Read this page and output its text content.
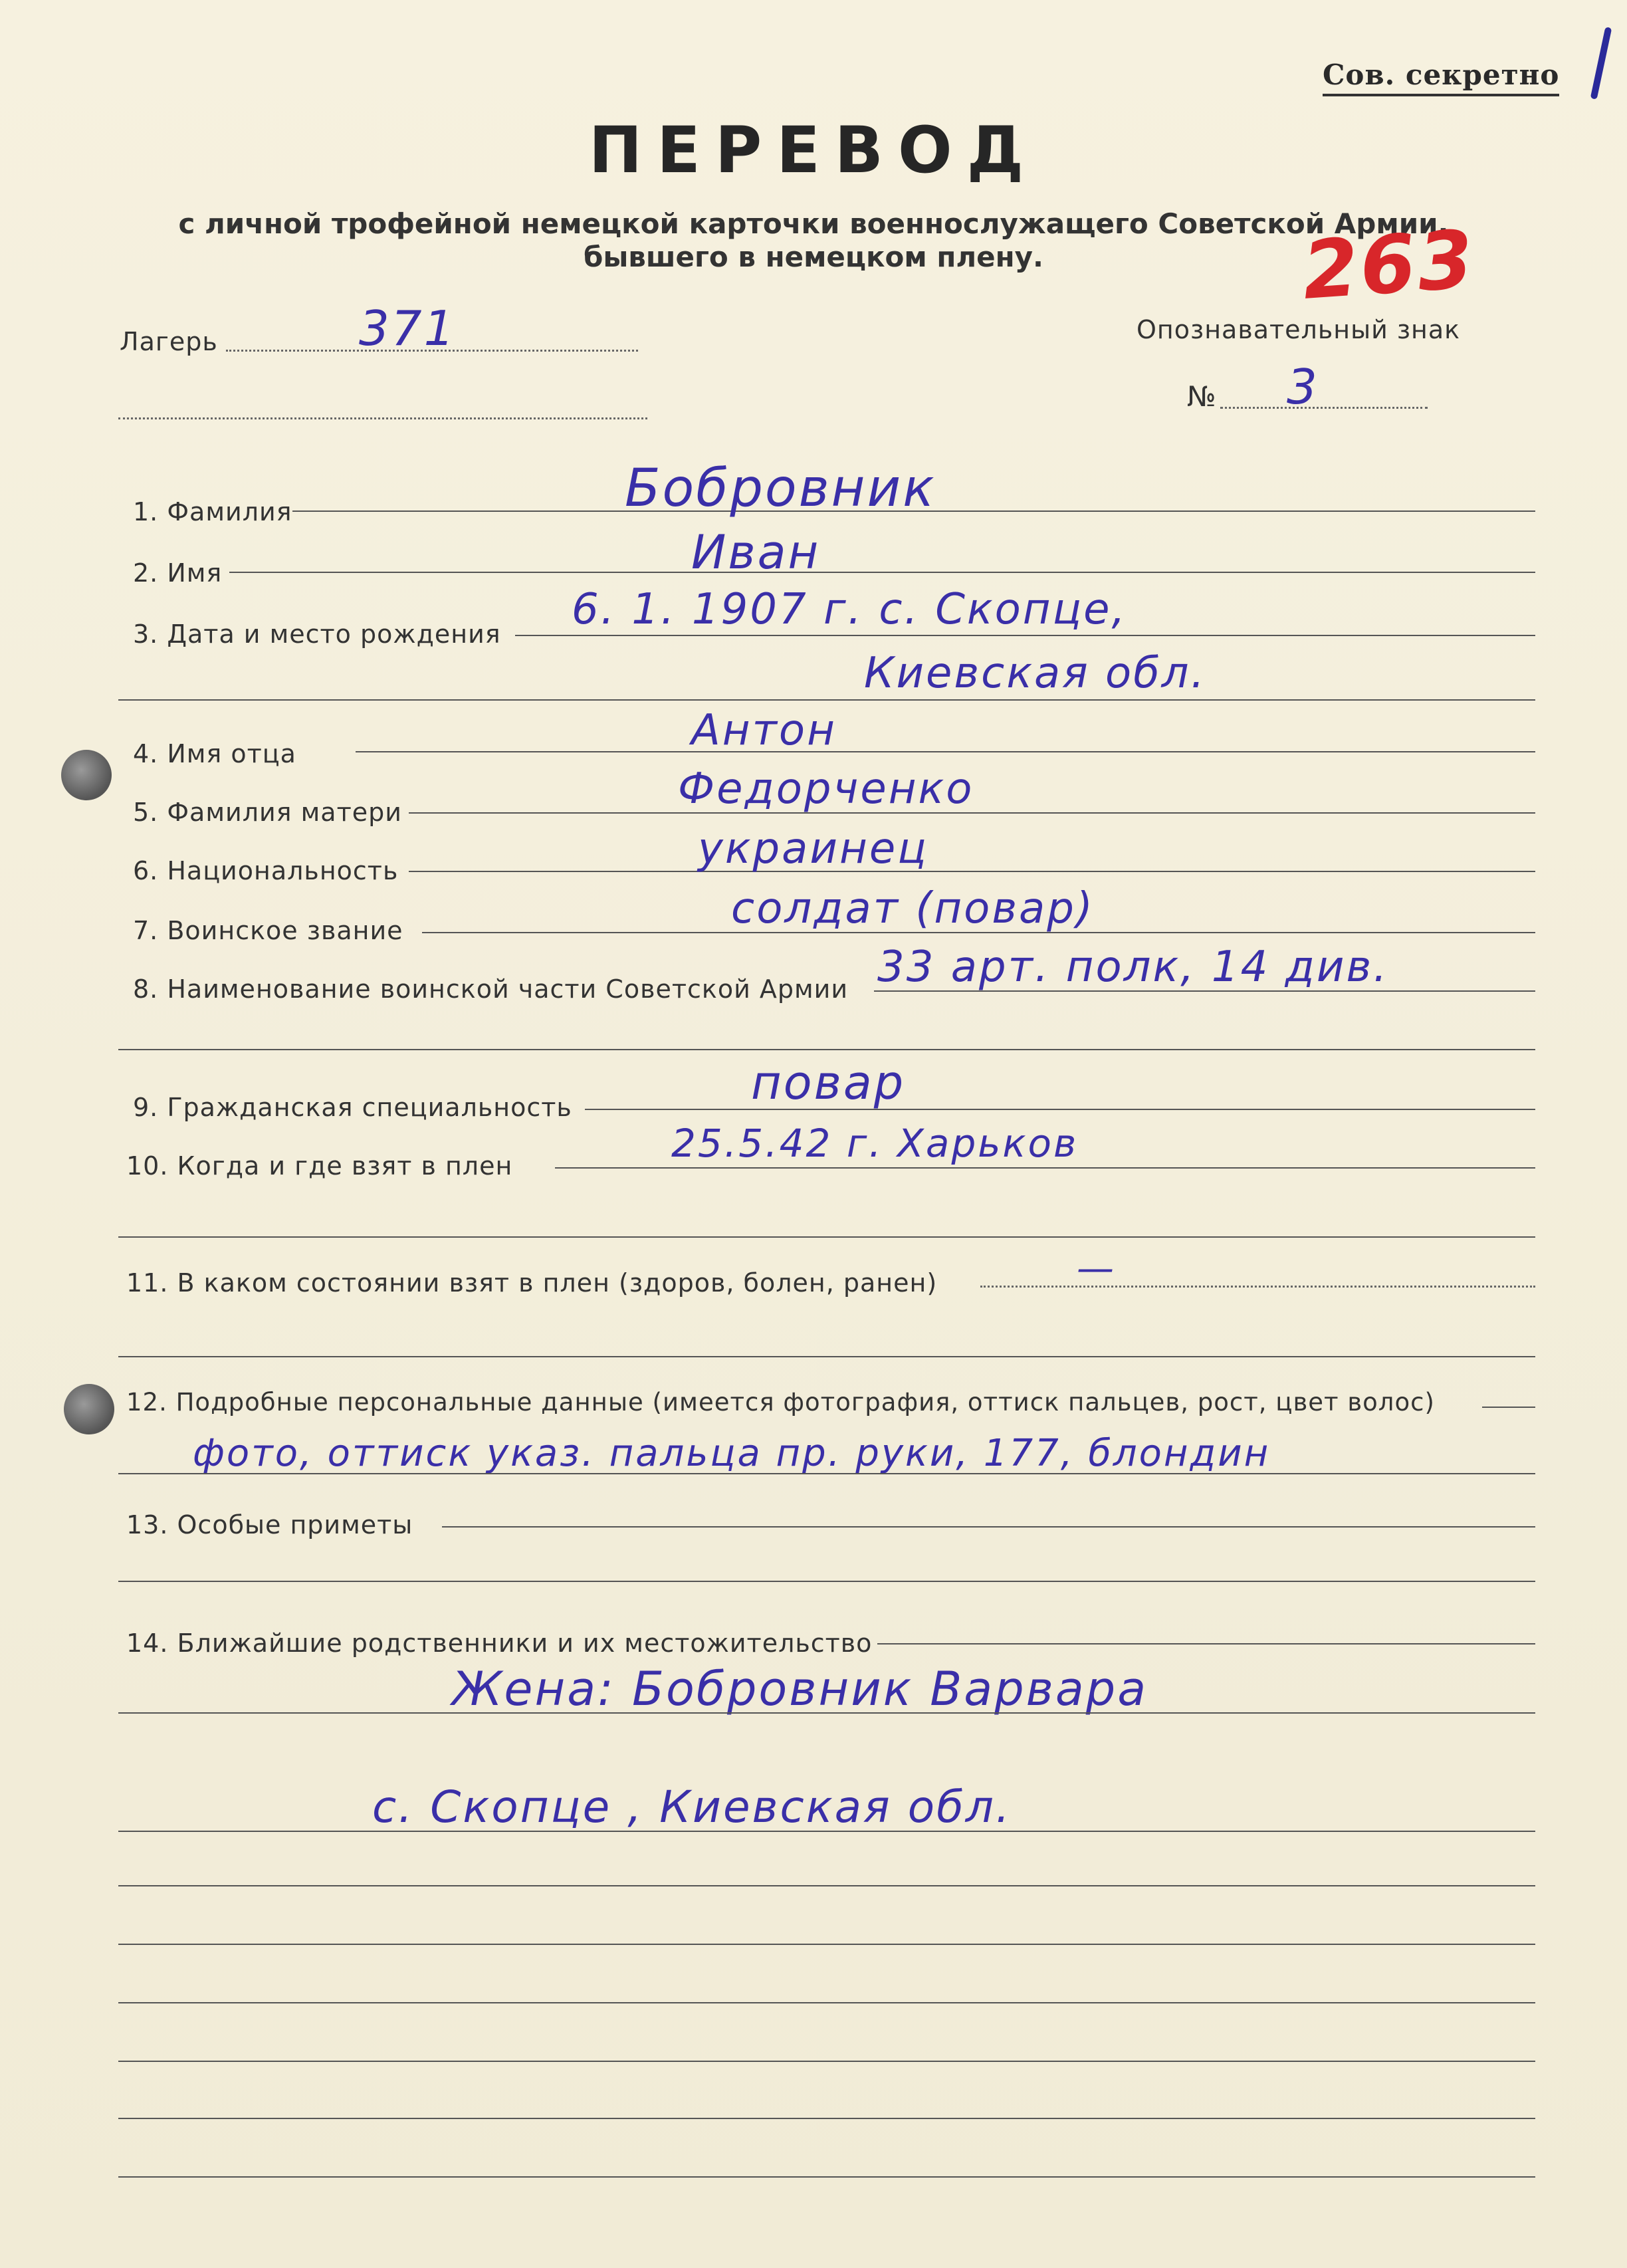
Сов. секретно
ПЕРЕВОД
с личной трофейной немецкой карточки военнослужащего Советской Армии,
бывшего в немецком плену.	263
Лагерь	371	Опознавательный знак
№ 3
1. Фамилия	Бобровник
2. Имя	Иван
3. Дата и место рождения 6. 1. 1907 г. с. Скопце,
Киевская обл.
4. Имя отца	Антон
5. Фамилия матери	Федорченко
6. Национальность	украинец
7. Воинское звание	солдат (повар)
8. Наименование воинской части Советской Армии 33 арт. полк, 14 див.
9. Гражданская специальность	повар
10. Когда и где взят в плен	25.5.42 г. Харьков
11. В каком состоянии взят в плен (здоров, болен, ранен)	—
12. Подробные персональные данные (имеется фотография, оттиск пальцев, рост, цвет волос)
фото, оттиск указ. пальца пр. руки, 177, блондин
13. Особые приметы
14. Ближайшие родственники и их местожительство
Жена: Бобровник Варвара
с. Скопце , Киевская обл.
